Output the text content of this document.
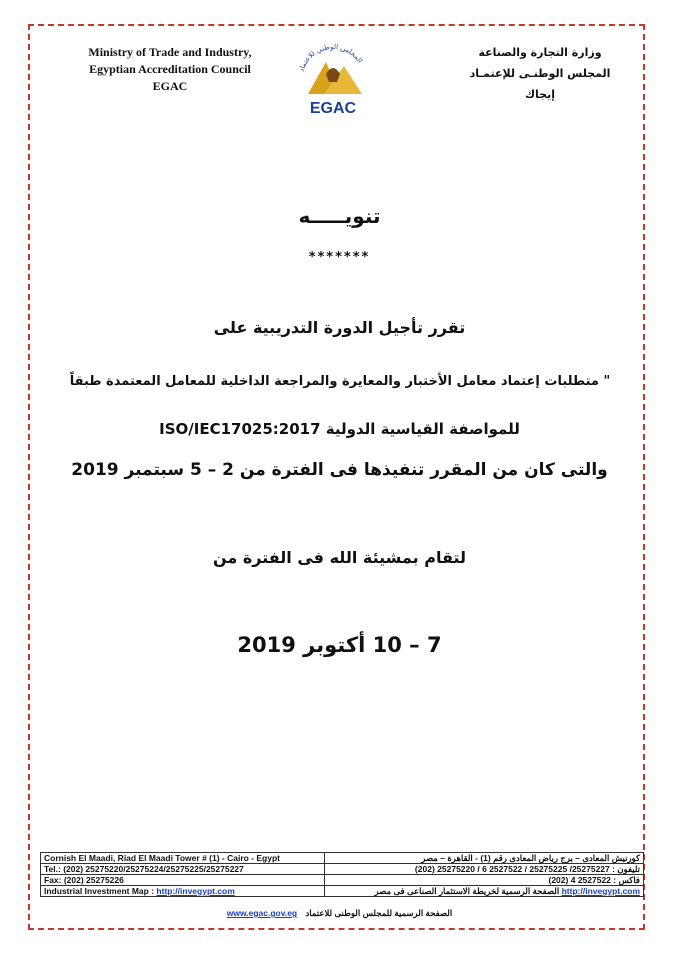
Ministry of Trade and Industry,
Egyptian Accreditation Council
EGAC
المجلس الوطني للاعتماد
EGAC
وزارة التجارة والصناعة
المجلس الوطنـى للإعتمـاد
إيجاك
تنويـــــه
*******
تقرر تأجيل الدورة التدريبية على
" متطلبات إعتماد معامل الأختبار والمعايرة والمراجعة الداخلية للمعامل المعتمدة طبقاً
للمواصفة القياسية الدولية ISO/IEC17025:2017
والتى كان من المقرر تنفيذها فى الفترة من 2 – 5 سبتمبر 2019
لتقام بمشيئة الله فى الفترة من
7 – 10 أكتوبر 2019
Cornish El Maadi, Riad El Maadi Tower # (1) - Cairo - Egypt	كورنيش المعادى – برج رياض المعادى رقم (1) - القاهرة – مصر
Tel.: (202) 25275220/25275224/25275225/25275227	تليفون : 25275227/ 25275225 / 2527522 6 / 25275220 (202)
Fax: (202) 25275226	فاكس : 2527522 4 (202)
Industrial Investment Map : http://invegypt.com	http://invegypt.com الصفحة الرسمية لخريطة الاستثمار الصناعى فى مصر
www.egac.gov.eg الصفحة الرسمية للمجلس الوطنى للاعتماد
